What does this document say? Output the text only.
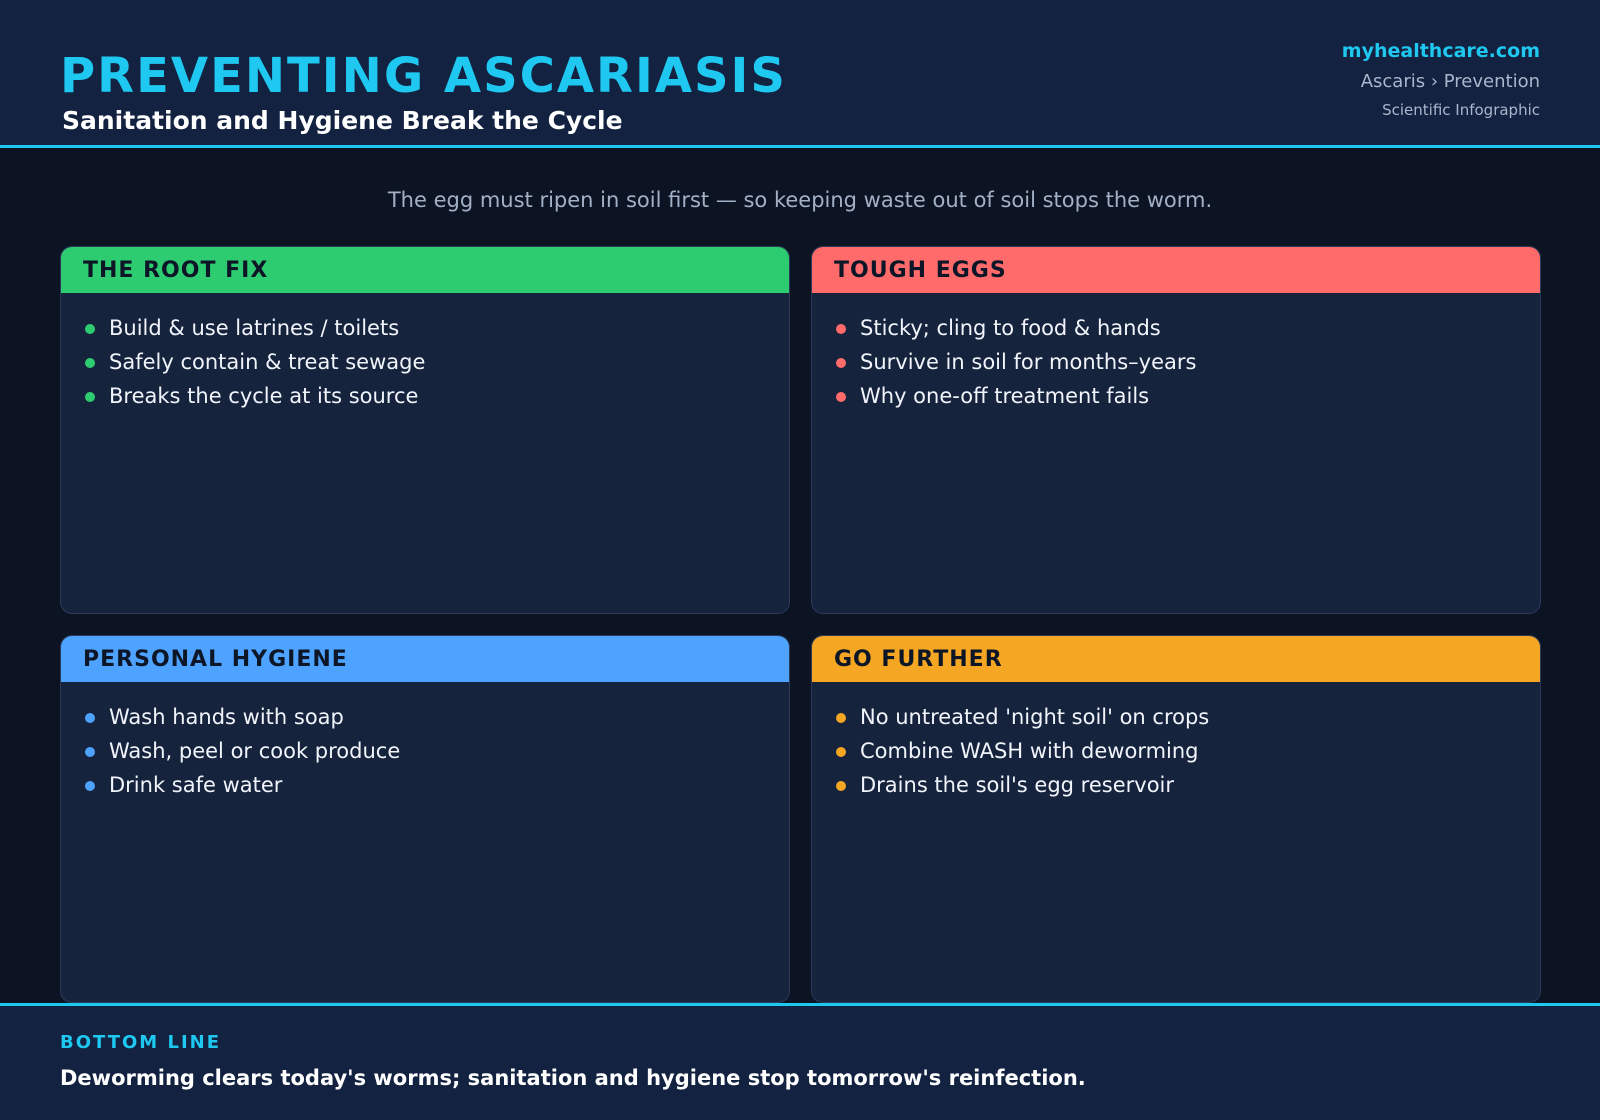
PREVENTING ASCARIASIS
Sanitation and Hygiene Break the Cycle
myhealthcare.com
Ascaris › Prevention
Scientific Infographic
The egg must ripen in soil first — so keeping waste out of soil stops the worm.
THE ROOT FIX
Build & use latrines / toilets
Safely contain & treat sewage
Breaks the cycle at its source
TOUGH EGGS
Sticky; cling to food & hands
Survive in soil for months–years
Why one-off treatment fails
PERSONAL HYGIENE
Wash hands with soap
Wash, peel or cook produce
Drink safe water
GO FURTHER
No untreated 'night soil' on crops
Combine WASH with deworming
Drains the soil's egg reservoir
BOTTOM LINE
Deworming clears today's worms; sanitation and hygiene stop tomorrow's reinfection.
